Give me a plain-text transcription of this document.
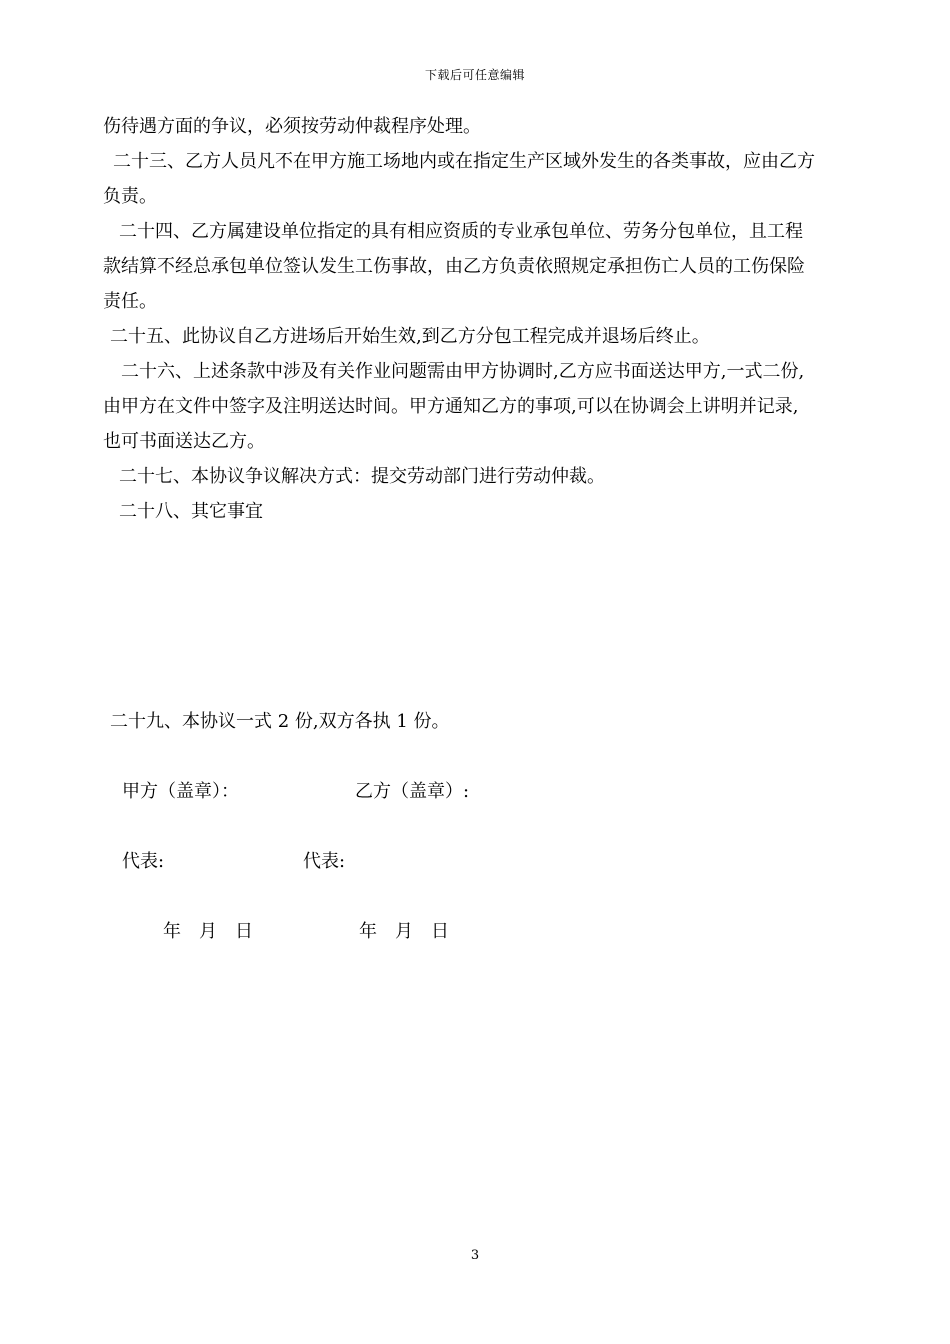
下载后可任意编辑
伤待遇方面的争议，必须按劳动仲裁程序处理。
二十三、乙方人员凡不在甲方施工场地内或在指定生产区域外发生的各类事故，应由乙方
负责。
二十四、乙方属建设单位指定的具有相应资质的专业承包单位、劳务分包单位，且工程
款结算不经总承包单位签认发生工伤事故，由乙方负责依照规定承担伤亡人员的工伤保险
责任。
二十五、此协议自乙方进场后开始生效,到乙方分包工程完成并退场后终止。
二十六、上述条款中涉及有关作业问题需由甲方协调时,乙方应书面送达甲方,一式二份,
由甲方在文件中签字及注明送达时间。甲方通知乙方的事项,可以在协调会上讲明并记录,
也可书面送达乙方。
二十七、本协议争议解决方式：提交劳动部门进行劳动仲裁。
二十八、其它事宜
二十九、本协议一式 2 份,双方各执 1 份。
甲方（盖章）：	乙方（盖章）:
代表:	代表:
年　月　日	年　月　日
3
